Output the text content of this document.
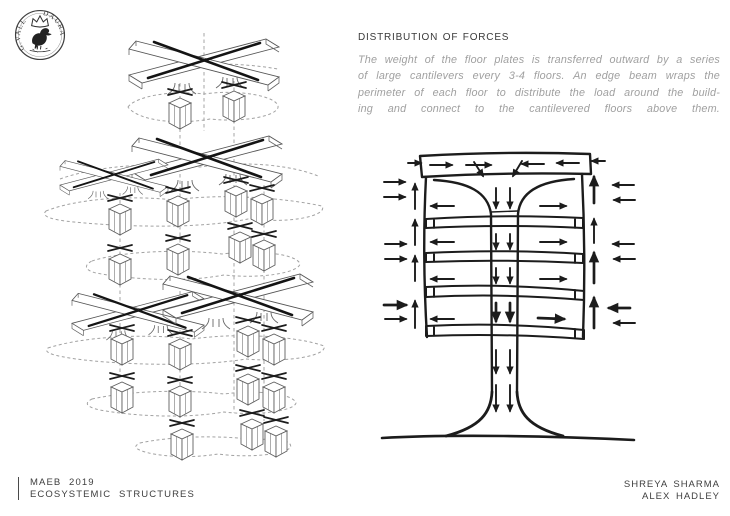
G.VALL
DAURA	DISTRIBUTION OF FORCES
The weight of the floor plates is transferred outward by a series
of large cantilevers every 3-4 floors. An edge beam wraps the
perimeter of each floor to distribute the load around the build-
ing and connect to the cantilevered floors above them.
MAEB 2019
ECOSYSTEMIC STRUCTURES
SHREYA SHARMA
ALEX HADLEY
